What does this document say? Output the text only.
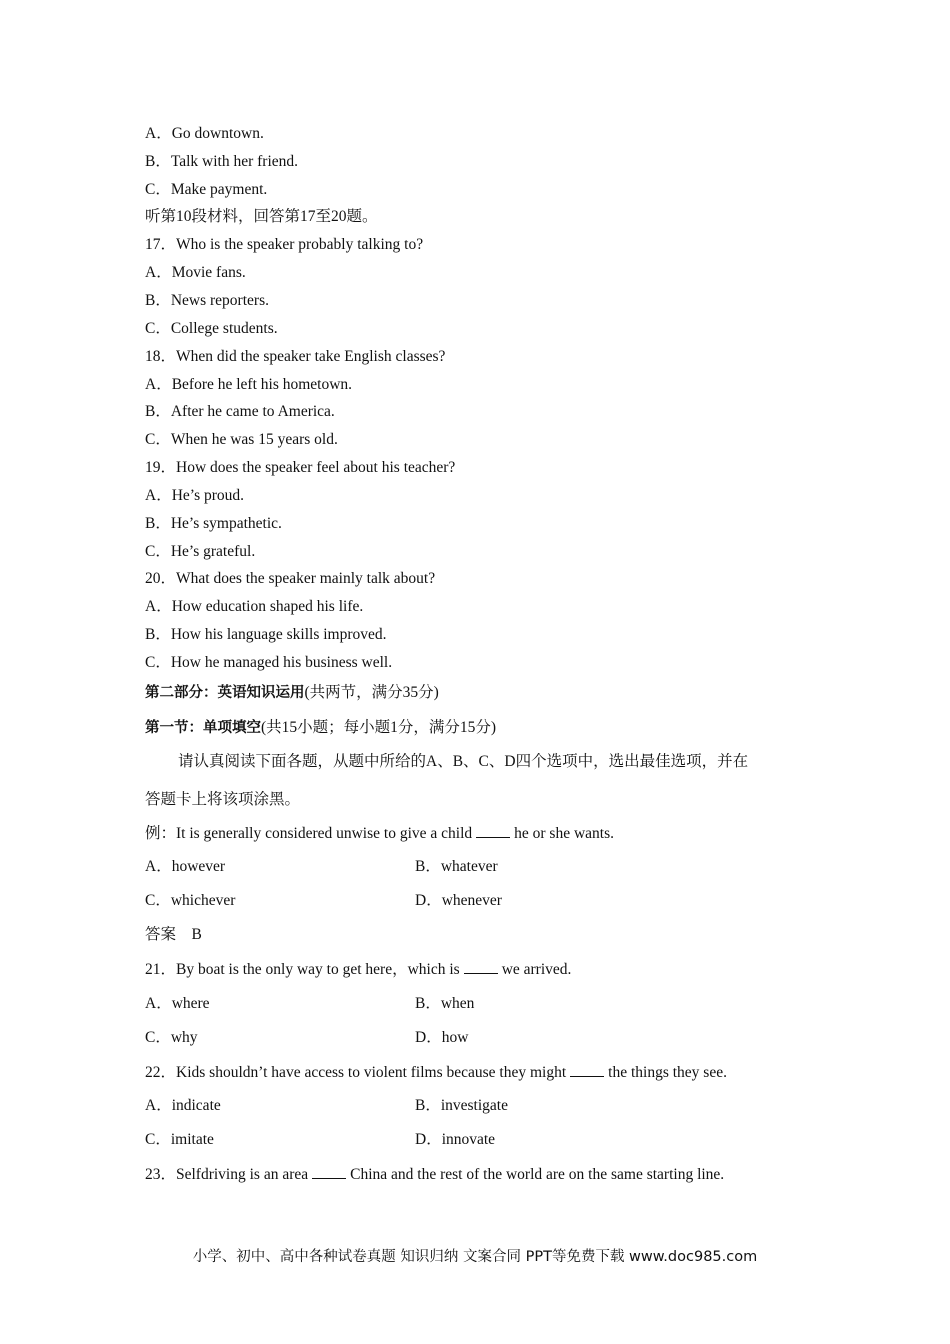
A．Go downtown.
B．Talk with her friend.
C．Make payment.
听第10段材料，回答第17至20题。
17．Who is the speaker probably talking to?
A．Movie fans.
B．News reporters.
C．College students.
18．When did the speaker take English classes?
A．Before he left his hometown.
B．After he came to America.
C．When he was 15 years old.
19．How does the speaker feel about his teacher?
A．He’s proud.
B．He’s sympathetic.
C．He’s grateful.
20．What does the speaker mainly talk about?
A．How education shaped his life.
B．How his language skills improved.
C．How he managed his business well.
第二部分：英语知识运用(共两节，满分35分)
第一节：单项填空(共15小题；每小题1分，满分15分)
请认真阅读下面各题，从题中所给的A、B、C、D四个选项中，选出最佳选项，并在
答题卡上将该项涂黑。
例：It is generally considered unwise to give a child	he or she wants.
A．however	B．whatever
C．whichever	D．whenever
答案　B
21．By boat is the only way to get here，which is	we arrived.
A．where	B．when
C．why	D．how
22．Kids shouldn’t have access to violent films because they might	the things they see.
A．indicate	B．investigate
C．imitate	D．innovate
23．Selfdriving is an area	China and the rest of the world are on the same starting line.
小学、初中、高中各种试卷真题 知识归纳 文案合同 PPT等免费下载 www.doc985.com
